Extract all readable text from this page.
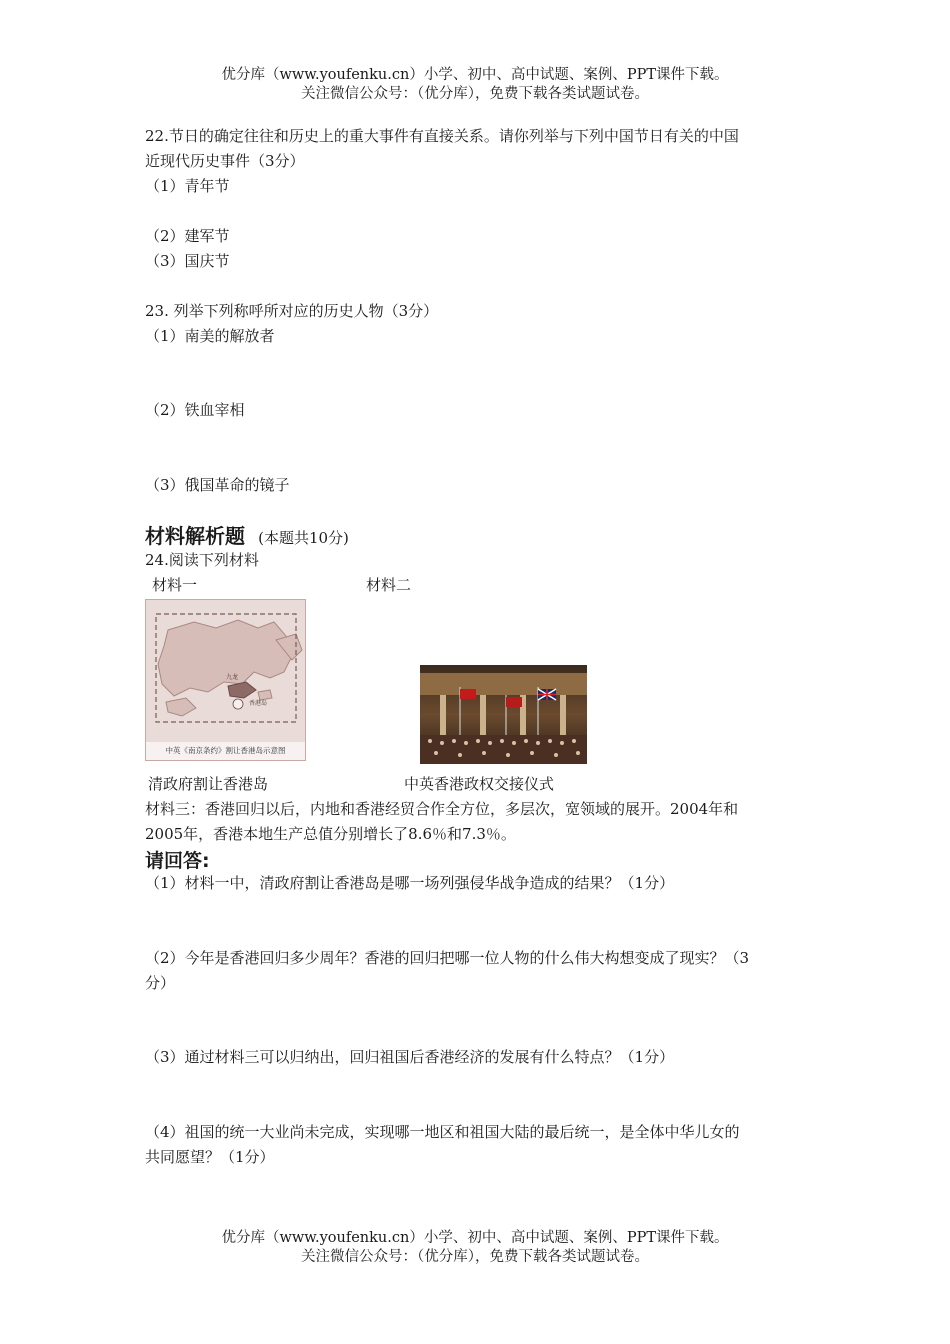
优分库（www.youfenku.cn）小学、初中、高中试题、案例、PPT课件下载。
关注微信公众号：（优分库），免费下载各类试题试卷。
22.节日的确定往往和历史上的重大事件有直接关系。请你列举与下列中国节日有关的中国
近现代历史事件（3分）
（1）青年节
（2）建军节
（3）国庆节
23. 列举下列称呼所对应的历史人物（3分）
（1）南美的解放者
（2）铁血宰相
（3）俄国革命的镜子
材料解析题 (本题共10分)
24.阅读下列材料
材料一	材料二
香港岛
九龙
中英《南京条约》割让香港岛示意图
清政府割让香港岛	中英香港政权交接仪式
材料三：香港回归以后，内地和香港经贸合作全方位，多层次，宽领域的展开。2004年和
2005年，香港本地生产总值分别增长了8.6％和7.3％。
请回答:
（1）材料一中，清政府割让香港岛是哪一场列强侵华战争造成的结果？（1分）
（2）今年是香港回归多少周年？香港的回归把哪一位人物的什么伟大构想变成了现实？（3
分）
（3）通过材料三可以归纳出，回归祖国后香港经济的发展有什么特点？（1分）
（4）祖国的统一大业尚未完成，实现哪一地区和祖国大陆的最后统一，是全体中华儿女的
共同愿望？（1分）
优分库（www.youfenku.cn）小学、初中、高中试题、案例、PPT课件下载。
关注微信公众号：（优分库），免费下载各类试题试卷。
